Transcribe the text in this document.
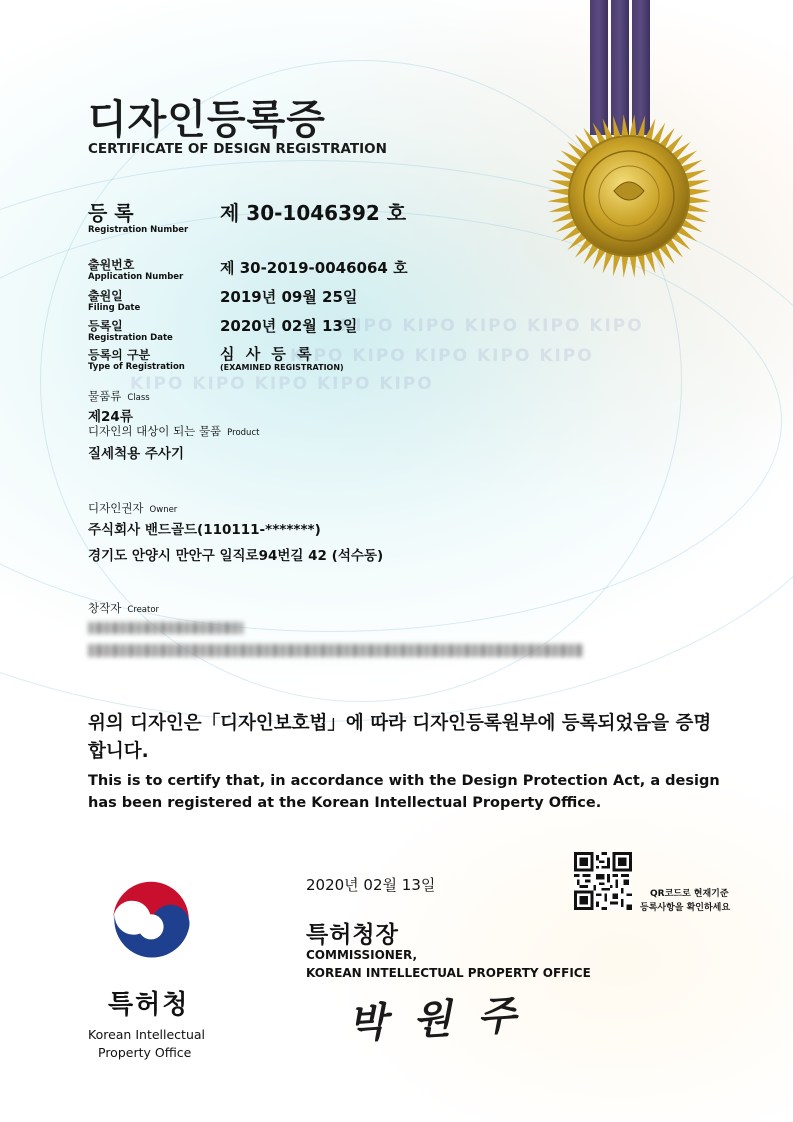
KIPO KIPO KIPO KIPO KIPO
KIPO KIPO KIPO KIPO KIPO
KIPO KIPO KIPO KIPO KIPO
디자인등록증
CERTIFICATE OF DESIGN REGISTRATION
등 록
Registration Number
제 30-1046392 호
출원번호
Application Number 제 30-2019-0046064 호
출원일
Filing Date
2019년 09월 25일
등록일
Registration Date
2020년 02월 13일
등록의 구분
Type of Registration
심 사 등 록
(EXAMINED REGISTRATION)
물품류 Class
제24류
디자인의 대상이 되는 물품 Product
질세척용 주사기
디자인권자 Owner
주식회사 밴드골드(110111-*******)
경기도 안양시 만안구 일직로94번길 42 (석수동)
창작자 Creator
위의 디자인은「디자인보호법」에 따라 디자인등록원부에 등록되었음을 증명합니다.
This is to certify that, in accordance with the Design Protection Act, a design has been registered at the Korean Intellectual Property Office.
2020년 02월 13일	QR코드로 현재기준
등록사항을 확인하세요
특허청장
COMMISSIONER,
KOREAN INTELLECTUAL PROPERTY OFFICE
박 원 주
특허청
Korean Intellectual
Property Office
